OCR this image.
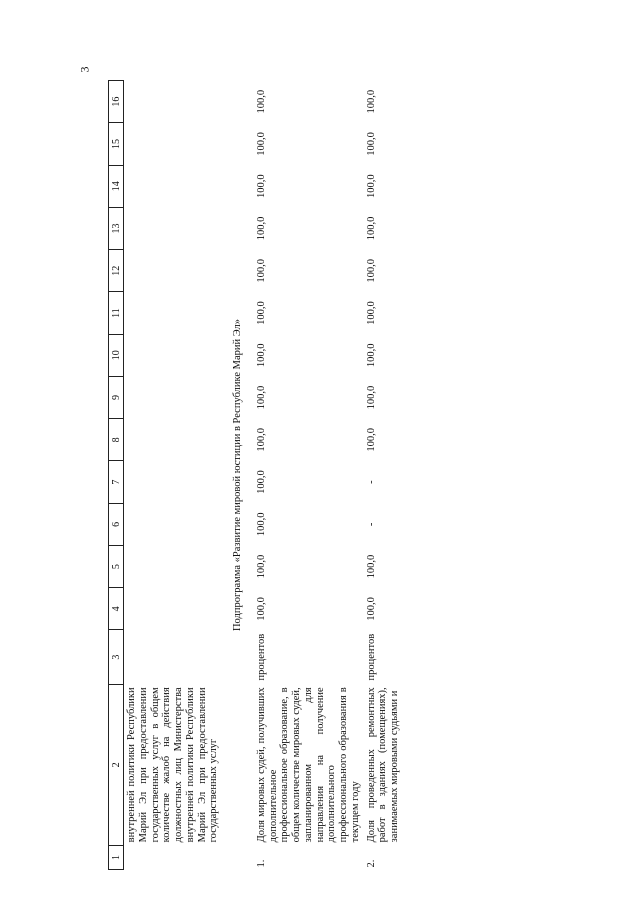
3
1	2	3	4	5	6	7	8	9	10	11	12	13	14	15	16
	внутренней политики Республики Марий Эл при предоставлении государственных услуг в общем количестве жалоб на действия должностных лиц Министерства внутренней политики Республики Марий Эл при предоставлении государственных услуг														
Подпрограмма «Развитие мировой юстиции в Республике Марий Эл»															
1.	Доля мировых судей, получивших дополнительное профессиональное образование, в общем количестве мировых судей, запланированном для направления на получение дополнительного профессионального образования в текущем году	процентов	100,0	100,0	100,0	100,0	100,0	100,0	100,0	100,0	100,0	100,0	100,0	100,0	100,0
2.	Доля проведенных ремонтных работ в зданиях (помещениях), занимаемых мировыми судьями и	процентов	100,0	100,0	-	-	100,0	100,0	100,0	100,0	100,0	100,0	100,0	100,0	100,0
